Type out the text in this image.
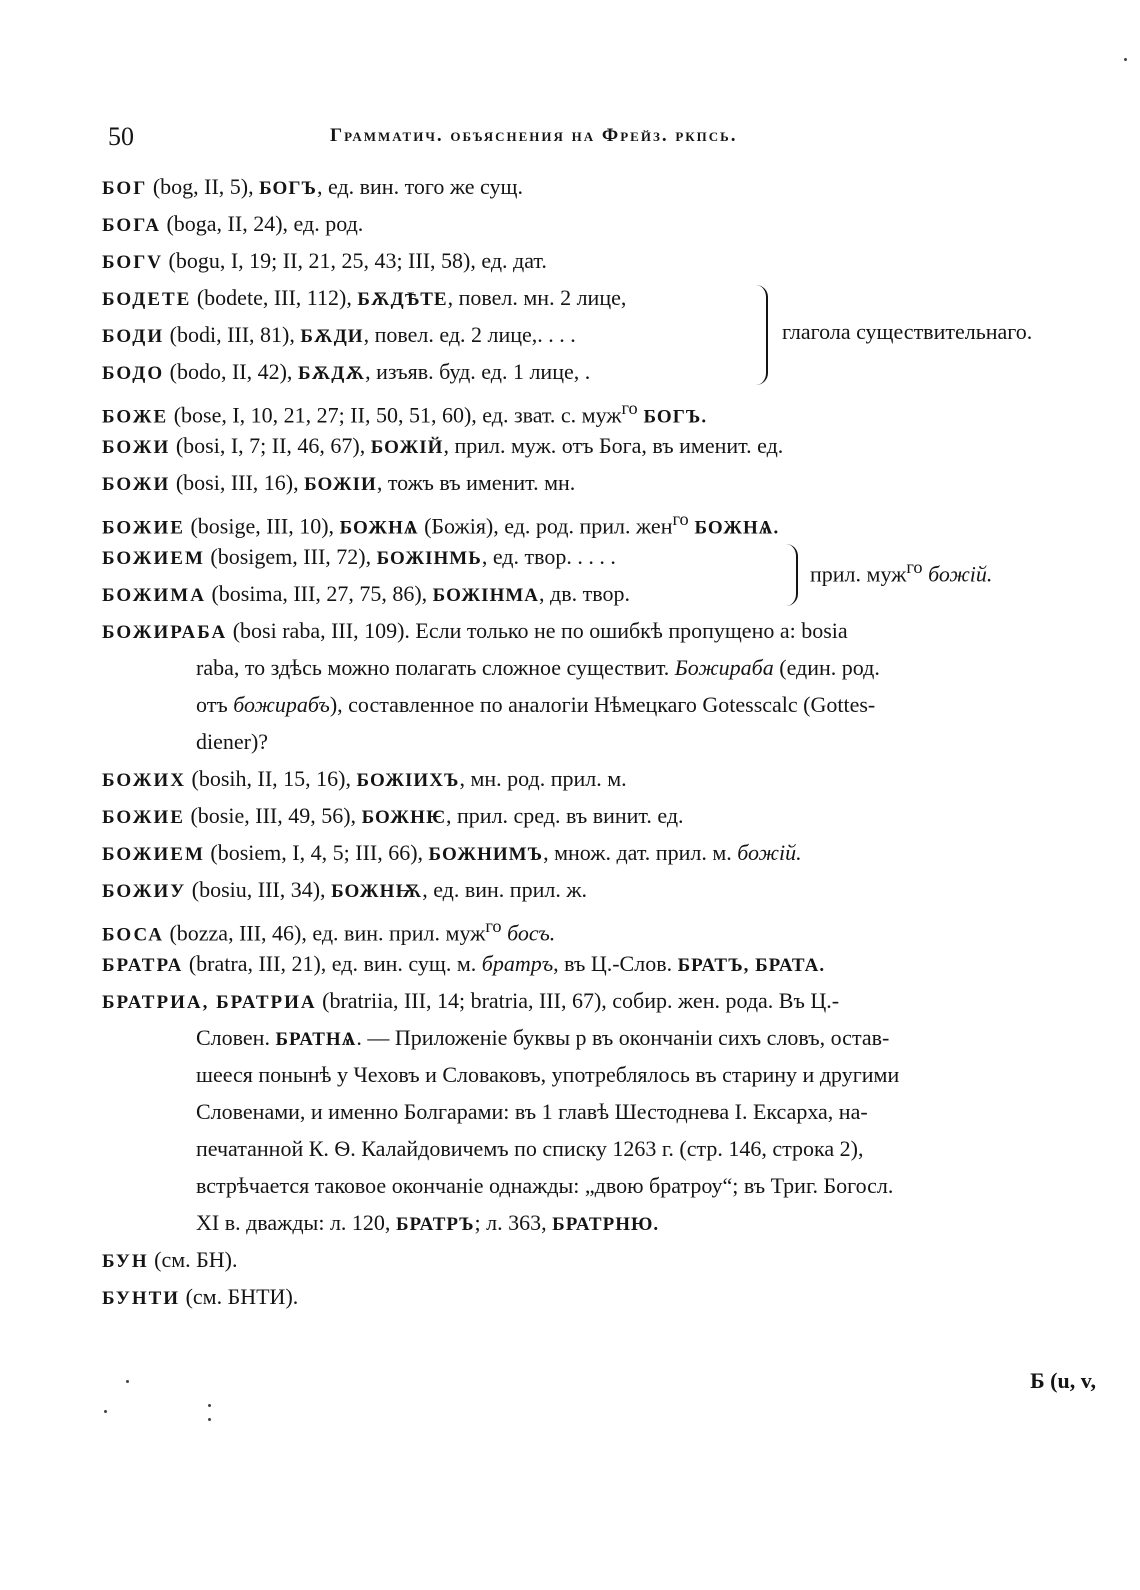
50	Грамматич. объяснения на Фрейз. ркпсь.
БОГ (bog, II, 5), БОГЪ, ед. вин. того же сущ.
БОГА (boga, II, 24), ед. род.
БОГV (bogu, I, 19; II, 21, 25, 43; III, 58), ед. дат.
БОДЕТЕ (bodete, III, 112), БѪДѢТЕ, повел. мн. 2 лице,
БОДИ (bodi, III, 81), БѪДИ, повел. ед. 2 лице,. . . .
БОДО (bodo, II, 42), БѪДѪ, изъяв. буд. ед. 1 лице, .
глагола существительнаго.
БОЖЕ (bose, I, 10, 21, 27; II, 50, 51, 60), ед. зват. с. муж$^{го}$ БОГЪ.
БОЖИ (bosi, I, 7; II, 46, 67), БОЖІЙ, прил. муж. отъ Бога, въ именит. ед.
БОЖИ (bosi, III, 16), БОЖІИ, тожъ въ именит. мн.
БОЖИЕ (bosige, III, 10), БОЖНѦ (Божія), ед. род. прил. жен$^{го}$ БОЖНѦ.
БОЖИЕМ (bosigem, III, 72), БОЖІНМЬ, ед. твор. . . . .
БОЖИМА (bosima, III, 27, 75, 86), БОЖІНМА, дв. твор.
прил. муж$^{го}$ божій.
БОЖИРАБА (bosi raba, III, 109). Если только не по ошибкѣ пропущено а: bosia
raba, то здѣсь можно полагать сложное существит. Божираба (един. род.
отъ божирабъ), составленное по аналогіи Нѣмецкаго Gotesscalc (Gottes-
diener)?
БОЖИХ (bosih, II, 15, 16), БОЖІИХЪ, мн. род. прил. м.
БОЖИЕ (bosie, III, 49, 56), БОЖНѤ, прил. сред. въ винит. ед.
БОЖИЕМ (bosiem, I, 4, 5; III, 66), БОЖНИМЪ, множ. дат. прил. м. божій.
БОЖИУ (bosiu, III, 34), БОЖНѬ, ед. вин. прил. ж.
БОСА (bozza, III, 46), ед. вин. прил. муж$^{го}$ босъ.
БРАТРА (bratra, III, 21), ед. вин. сущ. м. братръ, въ Ц.-Слов. БРАТЪ, БРАТА.
БРАТРИА, БРАТРИА (bratriia, III, 14; bratria, III, 67), собир. жен. рода. Въ Ц.-
Словен. БРАТНѦ. — Приложеніе буквы р въ окончаніи сихъ словъ, остав-
шееся понынѣ у Чеховъ и Словаковъ, употреблялось въ старину и другими
Словенами, и именно Болгарами: въ 1 главѣ Шестоднева І. Ексарха, на-
печатанной К. Ѳ. Калайдовичемъ по списку 1263 г. (стр. 146, строка 2),
встрѣчается таковое окончаніе однажды: „двою братроу“; въ Триг. Богосл.
XI в. дважды: л. 120, БРАТРЪ; л. 363, БРАТРНЮ.
БУН (см. БН).
БУНТИ (см. БНТИ).
Б (u, v,
